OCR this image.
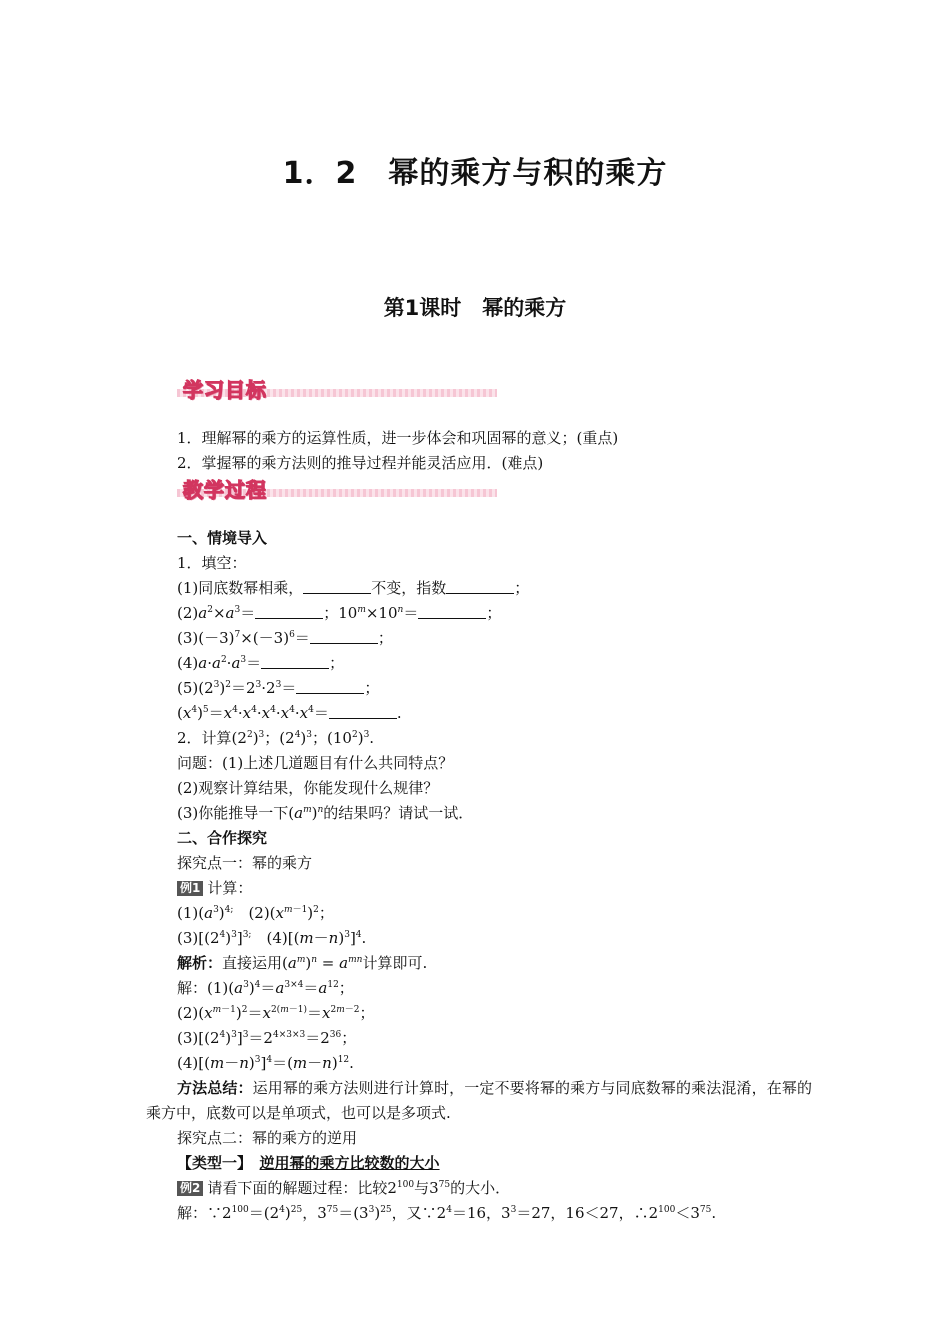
1．2　幂的乘方与积的乘方
第1课时　幂的乘方
学习目标
1．理解幂的乘方的运算性质，进一步体会和巩固幂的意义；(重点)
2．掌握幂的乘方法则的推导过程并能灵活应用．(难点)
教学过程
一、情境导入
1．填空：
(1)同底数幂相乘，	不变，指数	；
$(2)a^2\times a^3=$	；$10^m\times 10^n=$	；
$(3)(-3)^7\times(-3)^6=$	；
$(4)a\cdot a^2\cdot a^3=$	；
$(5)(2^3)^2=2^3\cdot 2^3=$	；
$(x^4)^5=x^4\cdot x^4\cdot x^4\cdot x^4\cdot x^4=$	.
2．计算$(2^2)^3$；$(2^4)^3$；$(10^2)^3$.
问题：(1)上述几道题目有什么共同特点？
(2)观察计算结果，你能发现什么规律？
(3)你能推导一下$(a^m)^n$的结果吗？请试一试．
二、合作探究
探究点一：幂的乘方
例1 计算：
$(1)(a^3)^{4;}$　$(2)(x^{m-1})^2$；
$(3)[(2^4)^3]^{3;}$　$(4)[(m-n)^3]^4$.
解析：直接运用$(a^m)^n = a^{mn}$计算即可.
解：$(1)(a^3)^4=a^{3\times 4}=a^{12}$；
$(2)(x^{m-1})^2=x^{2(m-1)}=x^{2m-2}$；
$(3)[(2^4)^3]^3=2^{4\times 3\times 3}=2^{36}$；
$(4)[(m-n)^3]^4=(m-n)^{12}$.
方法总结：运用幂的乘方法则进行计算时，一定不要将幂的乘方与同底数幂的乘法混淆，在幂的乘方中，底数可以是单项式，也可以是多项式.
探究点二：幂的乘方的逆用
【类型一】　 逆用幂的乘方比较数的大小
例2 请看下面的解题过程：比较$2^{100}$与$3^{75}$的大小．
解：$\because 2^{100}=(2^4)^{25}$，$3^{75}=(3^3)^{25}$，又$\because 2^4=16$，$3^3=27$，16＜27，$\therefore 2^{100}<3^{75}$.
